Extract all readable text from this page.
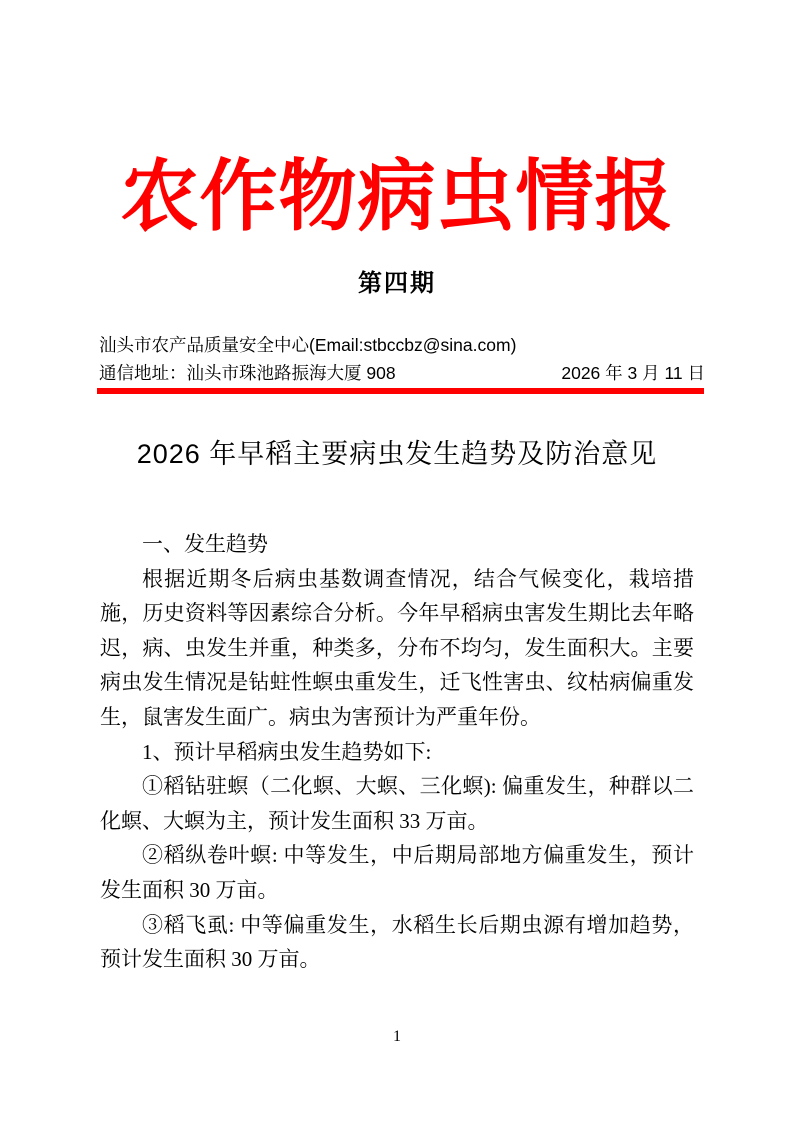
农作物病虫情报
第四期
汕头市农产品质量安全中心(Email:stbccbz@sina.com)
通信地址：汕头市珠池路振海大厦 908	2026 年 3 月 11 日
2026 年早稻主要病虫发生趋势及防治意见

一、发生趋势

根据近期冬后病虫基数调查情况，结合气候变化，栽培措施，历史资料等因素综合分析。今年早稻病虫害发生期比去年略迟，病、虫发生并重，种类多，分布不均匀，发生面积大。主要病虫发生情况是钻蛀性螟虫重发生，迁飞性害虫、纹枯病偏重发生，鼠害发生面广。病虫为害预计为严重年份。

1、预计早稻病虫发生趋势如下:

①稻钻驻螟（二化螟、大螟、三化螟): 偏重发生，种群以二化螟、大螟为主，预计发生面积 33 万亩。

②稻纵卷叶螟: 中等发生，中后期局部地方偏重发生，预计发生面积 30 万亩。

③稻飞虱: 中等偏重发生，水稻生长后期虫源有增加趋势，预计发生面积 30 万亩。

1
